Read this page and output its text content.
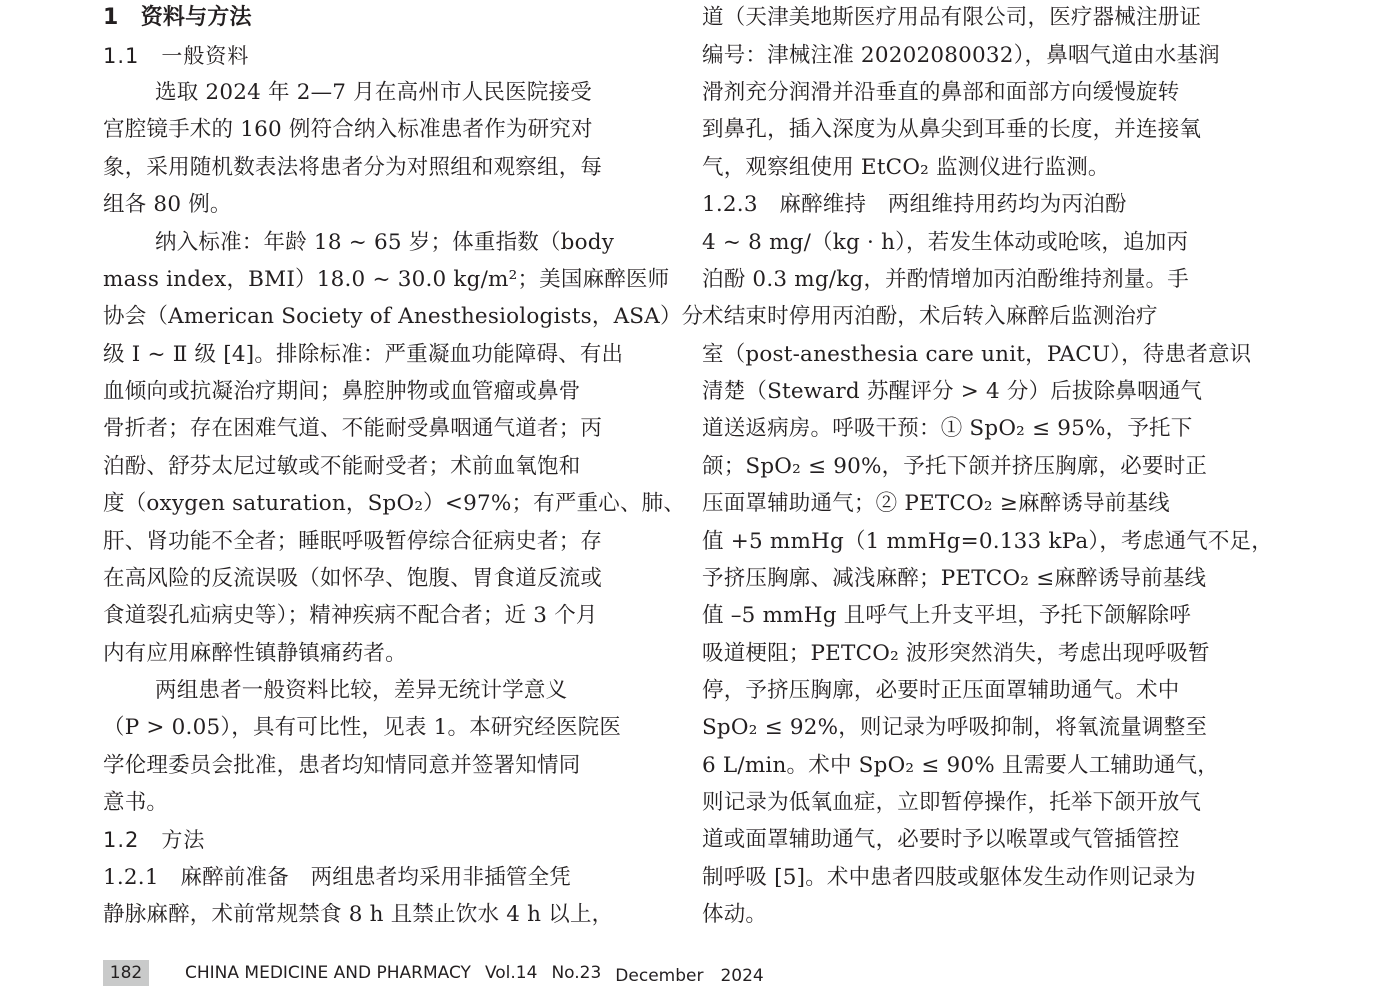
1　资料与方法
1.1　一般资料
选取 2024 年 2—7 月在高州市人民医院接受
宫腔镜手术的 160 例符合纳入标准患者作为研究对
象，采用随机数表法将患者分为对照组和观察组，每
组各 80 例。
纳入标准：年龄 18 ~ 65 岁；体重指数（body
mass index，BMI）18.0 ~ 30.0 kg/m²；美国麻醉医师
协会（American Society of Anesthesiologists，ASA）分
级 Ⅰ ~ Ⅱ 级 [4]。排除标准：严重凝血功能障碍、有出
血倾向或抗凝治疗期间；鼻腔肿物或血管瘤或鼻骨
骨折者；存在困难气道、不能耐受鼻咽通气道者；丙
泊酚、舒芬太尼过敏或不能耐受者；术前血氧饱和
度（oxygen saturation，SpO₂）<97%；有严重心、肺、
肝、肾功能不全者；睡眠呼吸暂停综合征病史者；存
在高风险的反流误吸（如怀孕、饱腹、胃食道反流或
食道裂孔疝病史等）；精神疾病不配合者；近 3 个月
内有应用麻醉性镇静镇痛药者。
两组患者一般资料比较，差异无统计学意义
（P > 0.05），具有可比性，见表 1。本研究经医院医
学伦理委员会批准，患者均知情同意并签署知情同
意书。
1.2　方法
1.2.1　麻醉前准备　两组患者均采用非插管全凭
静脉麻醉，术前常规禁食 8 h 且禁止饮水 4 h 以上，
道（天津美地斯医疗用品有限公司，医疗器械注册证
编号：津械注准 20202080032），鼻咽气道由水基润
滑剂充分润滑并沿垂直的鼻部和面部方向缓慢旋转
到鼻孔，插入深度为从鼻尖到耳垂的长度，并连接氧
气，观察组使用 EtCO₂ 监测仪进行监测。
1.2.3　麻醉维持　两组维持用药均为丙泊酚
4 ~ 8 mg/（kg · h），若发生体动或呛咳，追加丙
泊酚 0.3 mg/kg，并酌情增加丙泊酚维持剂量。手
术结束时停用丙泊酚，术后转入麻醉后监测治疗
室（post-anesthesia care unit，PACU），待患者意识
清楚（Steward 苏醒评分 > 4 分）后拔除鼻咽通气
道送返病房。呼吸干预：① SpO₂ ≤ 95%，予托下
颌；SpO₂ ≤ 90%，予托下颌并挤压胸廓，必要时正
压面罩辅助通气；② PETCO₂ ≥麻醉诱导前基线
值 +5 mmHg（1 mmHg=0.133 kPa），考虑通气不足，
予挤压胸廓、减浅麻醉；PETCO₂ ≤麻醉诱导前基线
值 –5 mmHg 且呼气上升支平坦，予托下颌解除呼
吸道梗阻；PETCO₂ 波形突然消失，考虑出现呼吸暂
停，予挤压胸廓，必要时正压面罩辅助通气。术中
SpO₂ ≤ 92%，则记录为呼吸抑制，将氧流量调整至
6 L/min。术中 SpO₂ ≤ 90% 且需要人工辅助通气，
则记录为低氧血症，立即暂停操作，托举下颌开放气
道或面罩辅助通气，必要时予以喉罩或气管插管控
制呼吸 [5]。术中患者四肢或躯体发生动作则记录为
体动。
182	CHINA MEDICINE AND PHARMACY Vol.14 No.23 December　2024
